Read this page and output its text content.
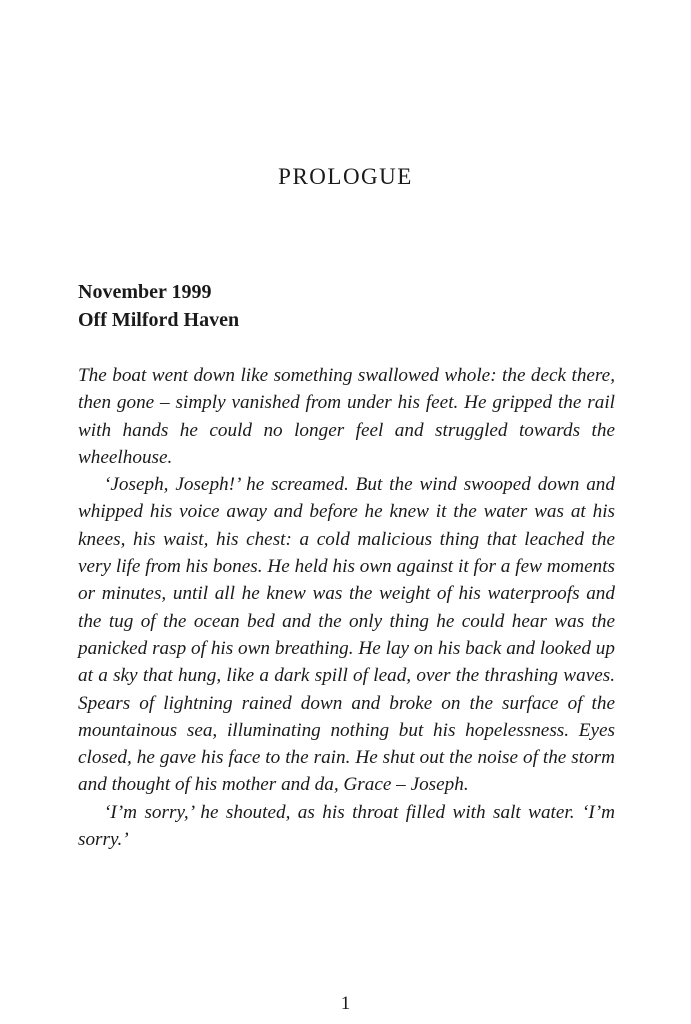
PROLOGUE
November 1999
Off Milford Haven

The boat went down like something swallowed whole: the deck there, then gone – simply vanished from under his feet. He gripped the rail with hands he could no longer feel and struggled towards the wheelhouse.

‘Joseph, Joseph!’ he screamed. But the wind swooped down and whipped his voice away and before he knew it the water was at his knees, his waist, his chest: a cold malicious thing that leached the very life from his bones. He held his own against it for a few moments or minutes, until all he knew was the weight of his waterproofs and the tug of the ocean bed and the only thing he could hear was the panicked rasp of his own breathing. He lay on his back and looked up at a sky that hung, like a dark spill of lead, over the thrashing waves. Spears of lightning rained down and broke on the surface of the mountainous sea, illuminating nothing but his hopelessness. Eyes closed, he gave his face to the rain. He shut out the noise of the storm and thought of his mother and da, Grace – Joseph.

‘I’m sorry,’ he shouted, as his throat filled with salt water. ‘I’m sorry.’

1
